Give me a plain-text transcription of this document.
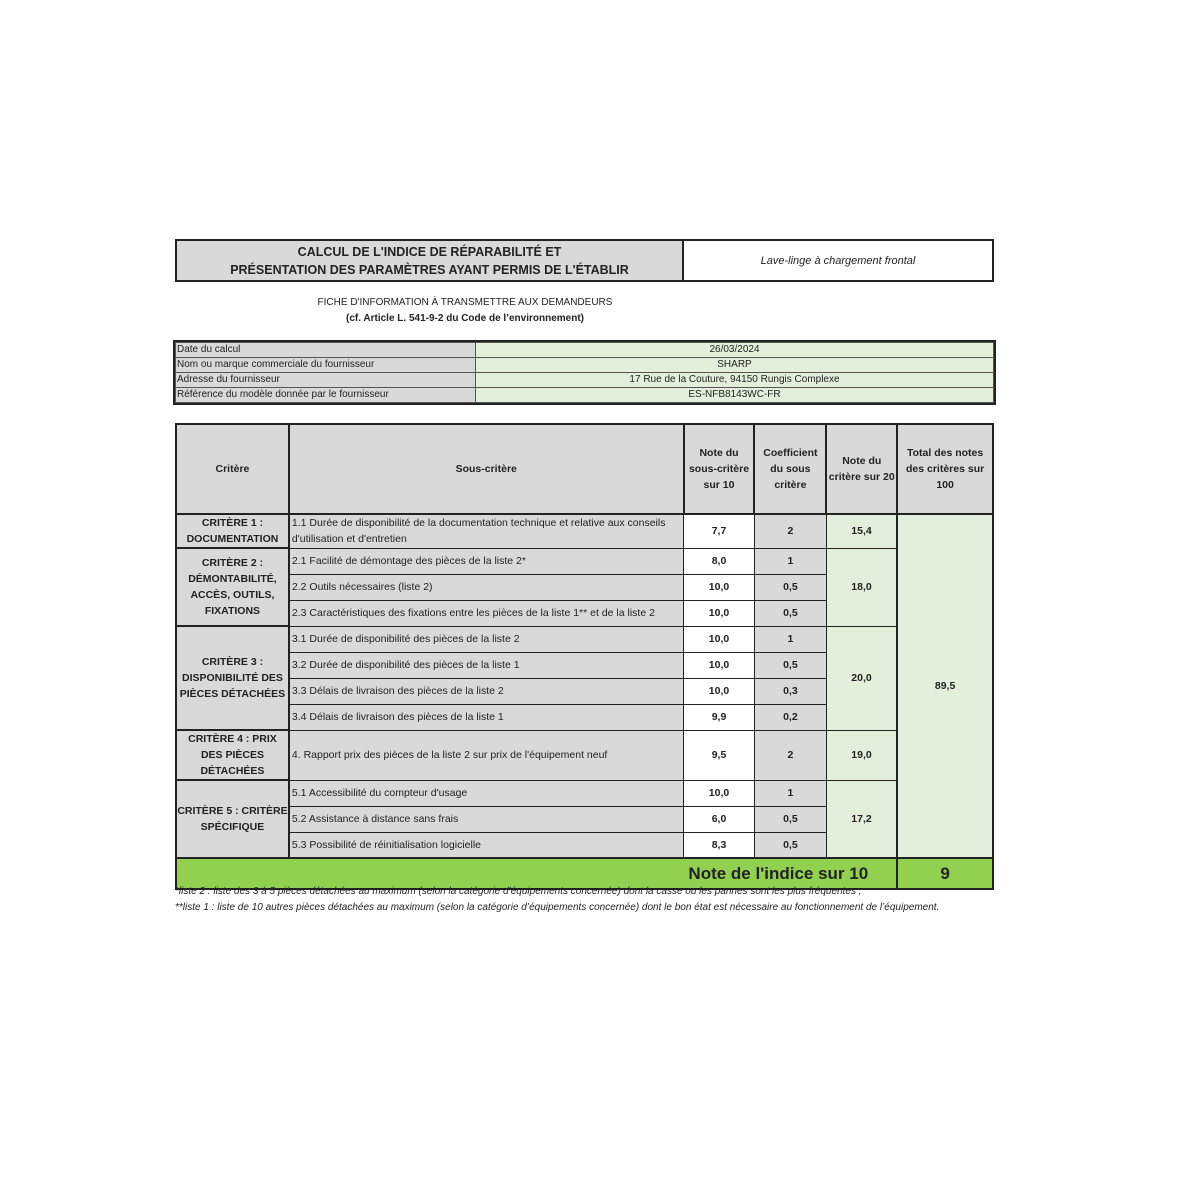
CALCUL DE L'INDICE DE RÉPARABILITÉ ET
PRÉSENTATION DES PARAMÈTRES AYANT PERMIS DE L'ÉTABLIR
Lave-linge à chargement frontal
FICHE D'INFORMATION À TRANSMETTRE AUX DEMANDEURS
(cf. Article L. 541-9-2 du Code de l’environnement)
Date du calcul	26/03/2024
Nom ou marque commerciale du fournisseur	SHARP
Adresse du fournisseur	17 Rue de la Couture, 94150 Rungis Complexe
Référence du modèle donnée par le fournisseur	ES-NFB8143WC-FR
Critère	Sous-critère	Note du sous-critère sur 10	Coefficient du sous critère	Note du critère sur 20	Total des notes des critères sur 100
CRITÈRE 1 : DOCUMENTATION	1.1 Durée de disponibilité de la documentation technique et relative aux conseils d'utilisation et d'entretien	7,7	2	15,4	89,5
CRITÈRE 2 : DÉMONTABILITÉ, ACCÈS, OUTILS, FIXATIONS	2.1 Facilité de démontage des pièces de la liste 2*	8,0	1	18,0	
	2.2 Outils nécessaires (liste 2)	10,0	0,5		
	2.3 Caractéristiques des fixations entre les pièces de la liste 1** et de la liste 2	10,0	0,5		
CRITÈRE 3 : DISPONIBILITÉ DES PIÈCES DÉTACHÉES	3.1 Durée de disponibilité des pièces de la liste 2	10,0	1	20,0	
	3.2 Durée de disponibilité des pièces de la liste 1	10,0	0,5		
	3.3 Délais de livraison des pièces de la liste 2	10,0	0,3		
	3.4 Délais de livraison des pièces de la liste 1	9,9	0,2		
CRITÈRE 4 : PRIX DES PIÈCES DÉTACHÉES	4. Rapport prix des pièces de la liste 2 sur prix de l'équipement neuf	9,5	2	19,0	
CRITÈRE 5 : CRITÈRE SPÉCIFIQUE	5.1 Accessibilité du compteur d'usage	10,0	1	17,2	
	5.2 Assistance à distance sans frais	6,0	0,5		
	5.3 Possibilité de réinitialisation logicielle	8,3	0,5		
Note de l'indice sur 10					9
*liste 2 : liste des 3 à 5 pièces détachées au maximum (selon la catégorie d’équipements concernée) dont la casse ou les pannes sont les plus fréquentes ;
**liste 1 : liste de 10 autres pièces détachées au maximum (selon la catégorie d’équipements concernée) dont le bon état est nécessaire au fonctionnement de l’équipement.
